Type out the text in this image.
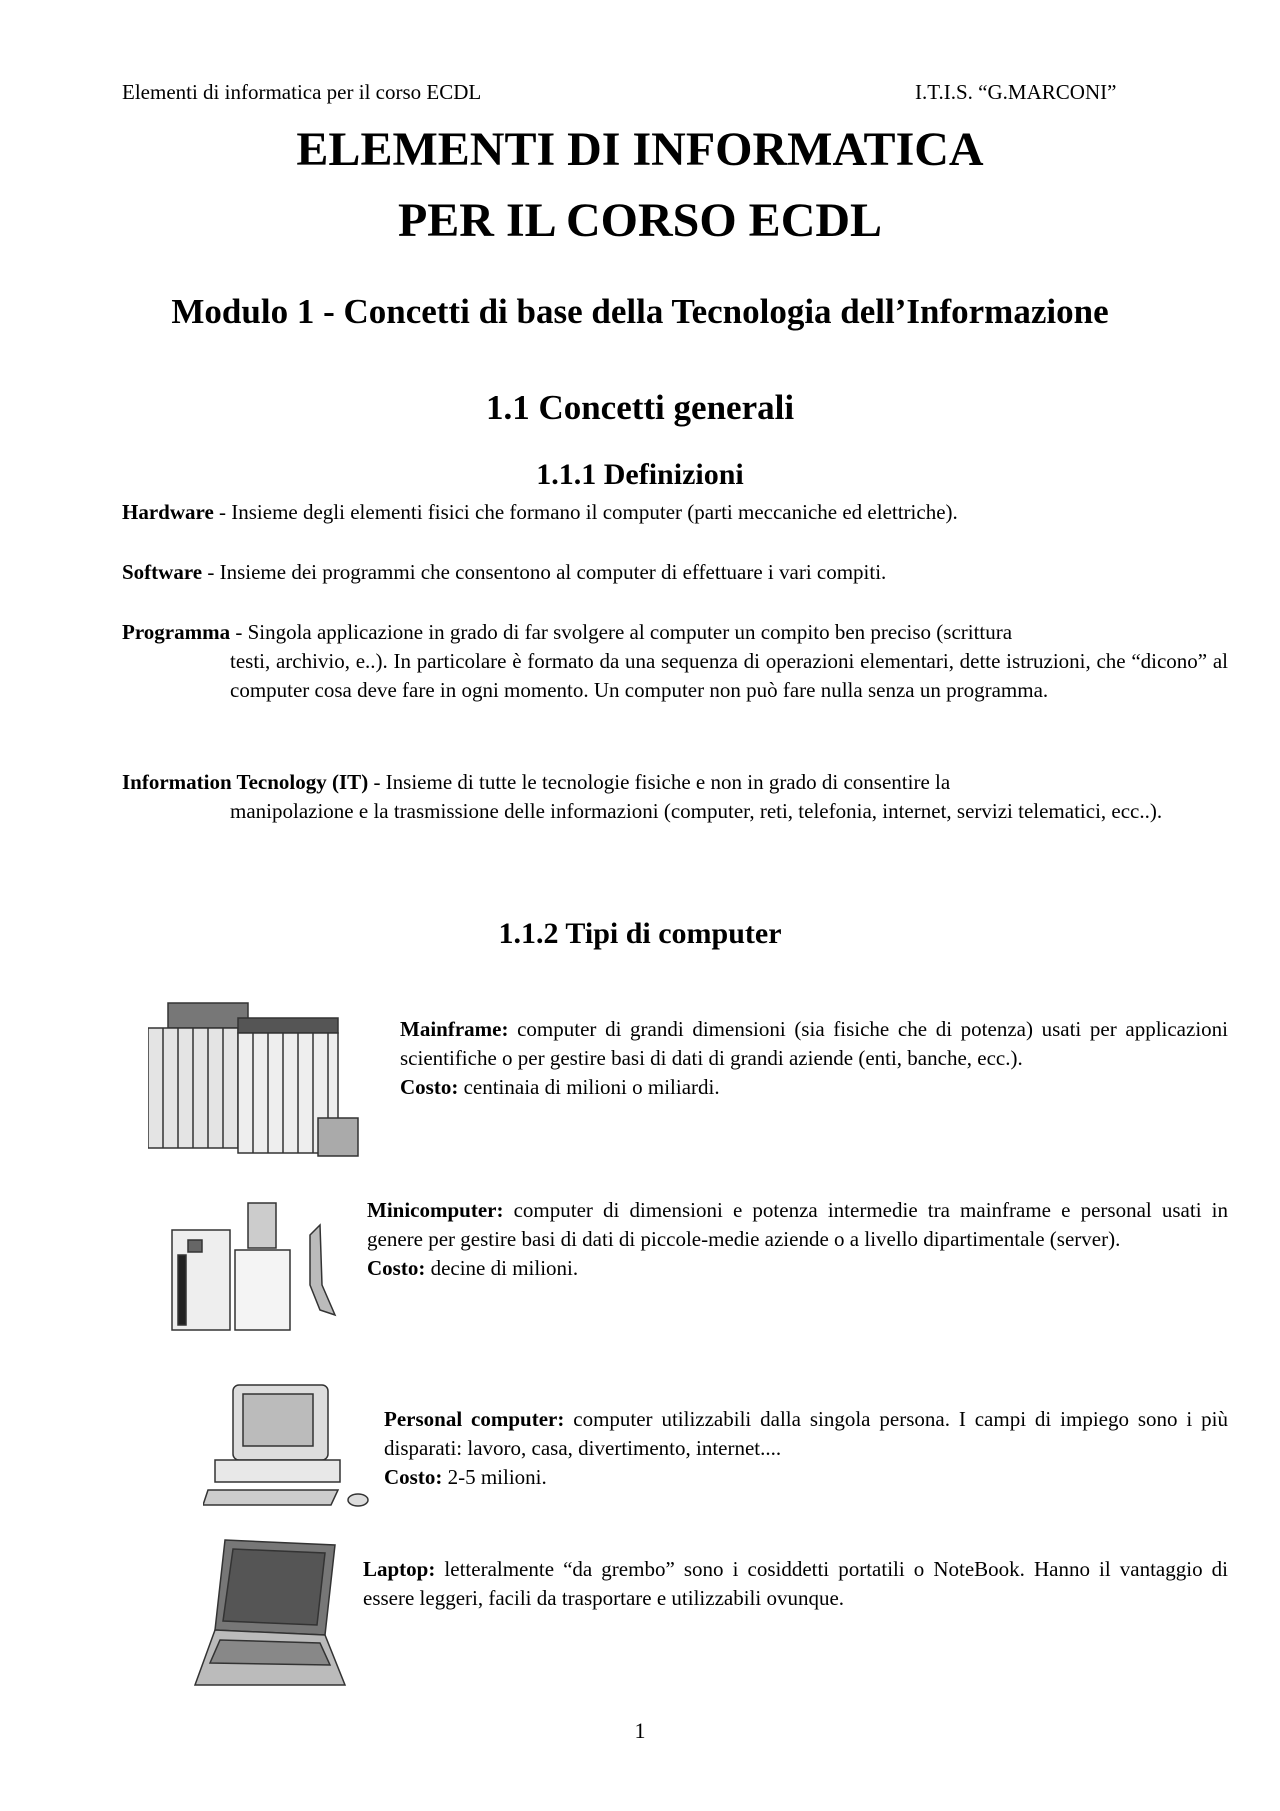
Elementi di informatica per il corso ECDL	I.T.I.S. “G.MARCONI”
ELEMENTI DI INFORMATICA
PER IL CORSO ECDL
Modulo 1 - Concetti di base della Tecnologia dell’Informazione
1.1 Concetti generali
1.1.1 Definizioni
Hardware - Insieme degli elementi fisici che formano il computer (parti meccaniche ed elettriche).
Software - Insieme dei programmi che consentono al computer di effettuare i vari compiti.
Programma - Singola applicazione in grado di far svolgere al computer un compito ben preciso (scrittura
testi, archivio, e..). In particolare è formato da una sequenza di operazioni elementari, dette istruzioni, che “dicono” al computer cosa deve fare in ogni momento. Un computer non può fare nulla senza un programma.
Information Tecnology (IT) - Insieme di tutte le tecnologie fisiche e non in grado di consentire la
manipolazione e la trasmissione delle informazioni (computer, reti, telefonia, internet, servizi telematici, ecc..).
1.1.2 Tipi di computer
Mainframe: computer di grandi dimensioni (sia fisiche che di potenza) usati per applicazioni scientifiche o per gestire basi di dati di grandi aziende (enti, banche, ecc.).
Costo: centinaia di milioni o miliardi.
Minicomputer: computer di dimensioni e potenza intermedie tra mainframe e personal usati in genere per gestire basi di dati di piccole-medie aziende o a livello dipartimentale (server).
Costo: decine di milioni.
Personal computer: computer utilizzabili dalla singola persona. I campi di impiego sono i più disparati: lavoro, casa, divertimento, internet....
Costo: 2-5 milioni.
Laptop: letteralmente “da grembo” sono i cosiddetti portatili o NoteBook. Hanno il vantaggio di essere leggeri, facili da trasportare e utilizzabili ovunque.
1
